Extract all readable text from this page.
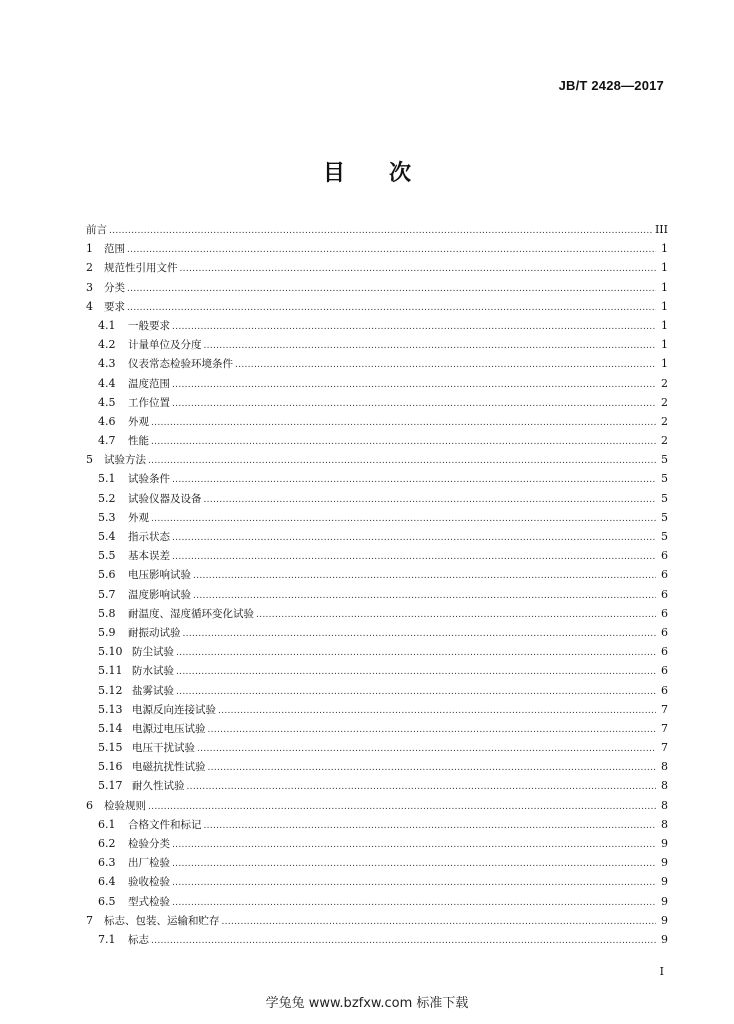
JB/T 2428—2017
目 次
前言 .....	III
1	范围 .....	1
2	规范性引用文件 .....	1
3	分类 .....	1
4	要求 .....	1
4.1	一般要求 .....	1
4.2	计量单位及分度 .....	1
4.3	仪表常态检验环境条件 .....	1
4.4	温度范围 .....	2
4.5	工作位置 .....	2
4.6	外观 .....	2
4.7	性能 .....	2
5	试验方法 .....	5
5.1	试验条件 .....	5
5.2	试验仪器及设备 .....	5
5.3	外观 .....	5
5.4	指示状态 .....	5
5.5	基本误差 .....	6
5.6	电压影响试验 .....	6
5.7	温度影响试验 .....	6
5.8	耐温度、湿度循环变化试验 .....	6
5.9	耐振动试验 .....	6
5.10 防尘试验 .....	6
5.11 防水试验 .....	6
5.12 盐雾试验 .....	6
5.13 电源反向连接试验 .....	7
5.14 电源过电压试验 .....	7
5.15 电压干扰试验 .....	7
5.16 电磁抗扰性试验 .....	8
5.17 耐久性试验 .....	8
6	检验规则 .....	8
6.1	合格文件和标记 .....	8
6.2	检验分类 .....	9
6.3	出厂检验 .....	9
6.4	验收检验 .....	9
6.5	型式检验 .....	9
7	标志、包装、运输和贮存 .....	9
7.1	标志 .....	9
I
学兔兔 www.bzfxw.com 标准下载
